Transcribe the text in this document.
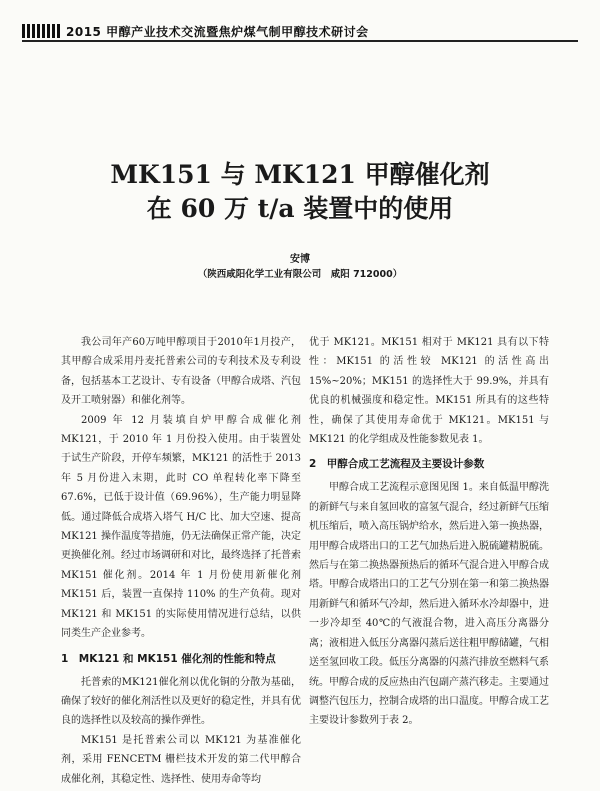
2015 甲醇产业技术交流暨焦炉煤气制甲醇技术研讨会

MK151 与 MK121 甲醇催化剂

在 60 万 t/a 装置中的使用

安博
（陕西咸阳化学工业有限公司　咸阳 712000）

我公司年产60万吨甲醇项目于2010年1月投产，其甲醇合成采用丹麦托普索公司的专利技术及专利设备，包括基本工艺设计、专有设备（甲醇合成塔、汽包及开工喷射器）和催化剂等。

2009 年 12 月装填自炉甲醇合成催化剂 MK121，于 2010 年 1 月份投入使用。由于装置处于试生产阶段，开停车频繁，MK121 的活性于 2013 年 5 月份进入末期，此时 CO 单程转化率下降至 67.6%，已低于设计值（69.96%），生产能力明显降低。通过降低合成塔入塔气 H/C 比、加大空速、提高 MK121 操作温度等措施，仍无法确保正常产能，决定更换催化剂。经过市场调研和对比，最终选择了托普索 MK151 催化剂。2014 年 1 月份使用新催化剂 MK151 后，装置一直保持 110% 的生产负荷。现对 MK121 和 MK151 的实际使用情况进行总结，以供同类生产企业参考。

1　MK121 和 MK151 催化剂的性能和特点

托普索的MK121催化剂以优化铜的分散为基础，确保了较好的催化剂活性以及更好的稳定性，并具有优良的选择性以及较高的操作弹性。

MK151 是托普索公司以 MK121 为基准催化剂，采用 FENCETM 栅栏技术开发的第二代甲醇合成催化剂，其稳定性、选择性、使用寿命等均

优于 MK121。MK151 相对于 MK121 具有以下特性：MK151 的活性较 MK121 的活性高出 15%~20%；MK151 的选择性大于 99.9%，并具有优良的机械强度和稳定性。MK151 所具有的这些特性，确保了其使用寿命优于 MK121。MK151 与 MK121 的化学组成及性能参数见表 1。

2　甲醇合成工艺流程及主要设计参数

甲醇合成工艺流程示意图见图 1。来自低温甲醇洗的新鲜气与来自氢回收的富氢气混合，经过新鲜气压缩机压缩后，喷入高压锅炉给水，然后进入第一换热器，用甲醇合成塔出口的工艺气加热后进入脱硫罐精脱硫。然后与在第二换热器预热后的循环气混合进入甲醇合成塔。甲醇合成塔出口的工艺气分别在第一和第二换热器用新鲜气和循环气冷却，然后进入循环水冷却器中，进一步冷却至 40℃的气液混合物，进入高压分离器分离；液相进入低压分离器闪蒸后送往粗甲醇储罐，气相送至氢回收工段。低压分离器的闪蒸汽排放至燃料气系统。甲醇合成的反应热由汽包副产蒸汽移走。主要通过调整汽包压力，控制合成塔的出口温度。甲醇合成工艺主要设计参数列于表 2。
